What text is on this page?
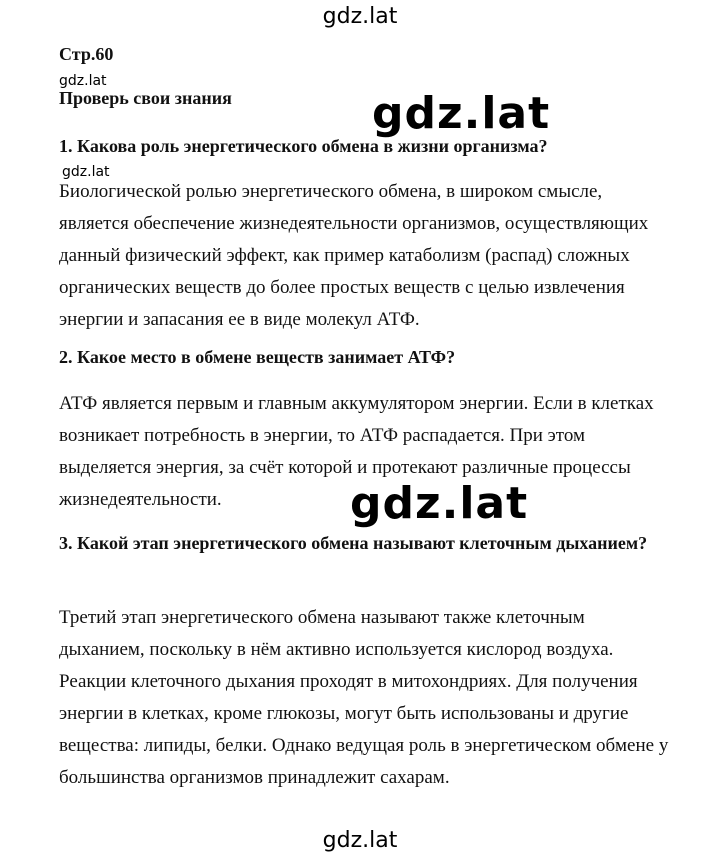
gdz.lat
Стр.60
gdz.lat
Проверь свои знания	gdz.lat

1. Какова роль энергетического обмена в жизни организма?

gdz.lat

Биологической ролью энергетического обмена, в широком смысле, является обеспечение жизнедеятельности организмов, осуществляющих данный физический эффект, как пример катаболизм (распад) сложных органических веществ до более простых веществ с целью извлечения энергии и запасания ее в виде молекул АТФ.

2. Какое место в обмене веществ занимает АТФ?

АТФ является первым и главным аккумулятором энергии. Если в клетках возникает потребность в энергии, то АТФ распадается. При этом выделяется энергия, за счёт которой и протекают различные процессы жизнедеятельности.	gdz.lat

3. Какой этап энергетического обмена называют клеточным дыханием?

Третий этап энергетического обмена называют также клеточным дыханием, поскольку в нём активно используется кислород воздуха. Реакции клеточного дыхания проходят в митохондриях. Для получения энергии в клетках, кроме глюкозы, могут быть использованы и другие вещества: липиды, белки. Однако ведущая роль в энергетическом обмене у большинства организмов принадлежит сахарам.

gdz.lat
